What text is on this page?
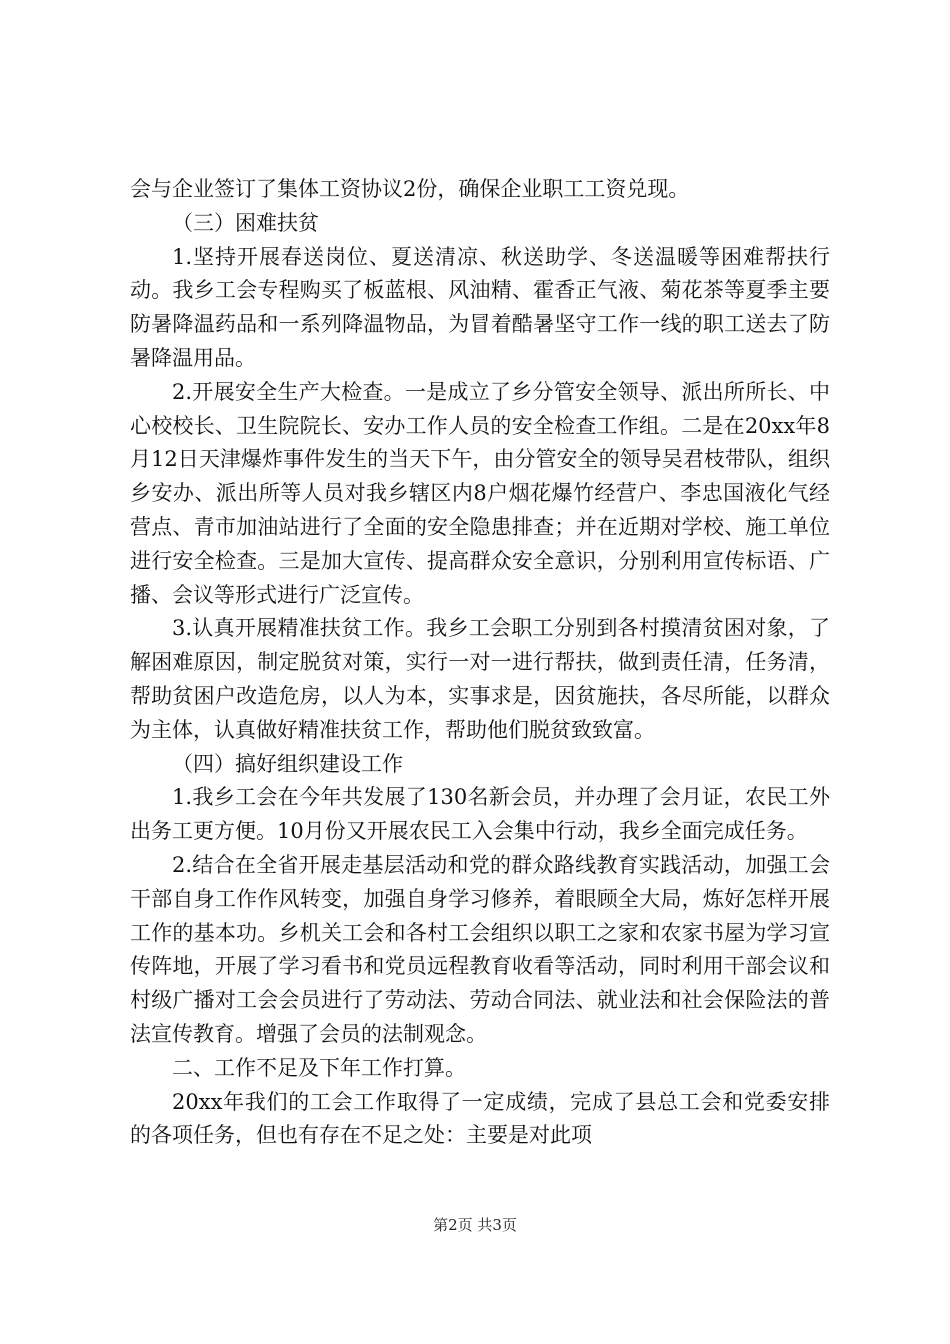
会与企业签订了集体工资协议2份，确保企业职工工资兑现。

（三）困难扶贫

1.坚持开展春送岗位、夏送清凉、秋送助学、冬送温暖等困难帮扶行动。我乡工会专程购买了板蓝根、风油精、霍香正气液、菊花茶等夏季主要防暑降温药品和一系列降温物品，为冒着酷暑坚守工作一线的职工送去了防暑降温用品。

2.开展安全生产大检查。一是成立了乡分管安全领导、派出所所长、中心校校长、卫生院院长、安办工作人员的安全检查工作组。二是在20xx年8月12日天津爆炸事件发生的当天下午，由分管安全的领导吴君枝带队，组织乡安办、派出所等人员对我乡辖区内8户烟花爆竹经营户、李忠国液化气经营点、青市加油站进行了全面的安全隐患排查；并在近期对学校、施工单位进行安全检查。三是加大宣传、提高群众安全意识，分别利用宣传标语、广播、会议等形式进行广泛宣传。

3.认真开展精准扶贫工作。我乡工会职工分别到各村摸清贫困对象，了解困难原因，制定脱贫对策，实行一对一进行帮扶，做到责任清，任务清，帮助贫困户改造危房，以人为本，实事求是，因贫施扶，各尽所能，以群众为主体，认真做好精准扶贫工作，帮助他们脱贫致致富。

（四）搞好组织建设工作

1.我乡工会在今年共发展了130名新会员，并办理了会月证，农民工外出务工更方便。10月份又开展农民工入会集中行动，我乡全面完成任务。

2.结合在全省开展走基层活动和党的群众路线教育实践活动，加强工会干部自身工作作风转变，加强自身学习修养，着眼顾全大局，炼好怎样开展工作的基本功。乡机关工会和各村工会组织以职工之家和农家书屋为学习宣传阵地，开展了学习看书和党员远程教育收看等活动，同时利用干部会议和村级广播对工会会员进行了劳动法、劳动合同法、就业法和社会保险法的普法宣传教育。增强了会员的法制观念。

二、工作不足及下年工作打算。

20xx年我们的工会工作取得了一定成绩，完成了县总工会和党委安排的各项任务，但也有存在不足之处：主要是对此项

第2页 共3页
